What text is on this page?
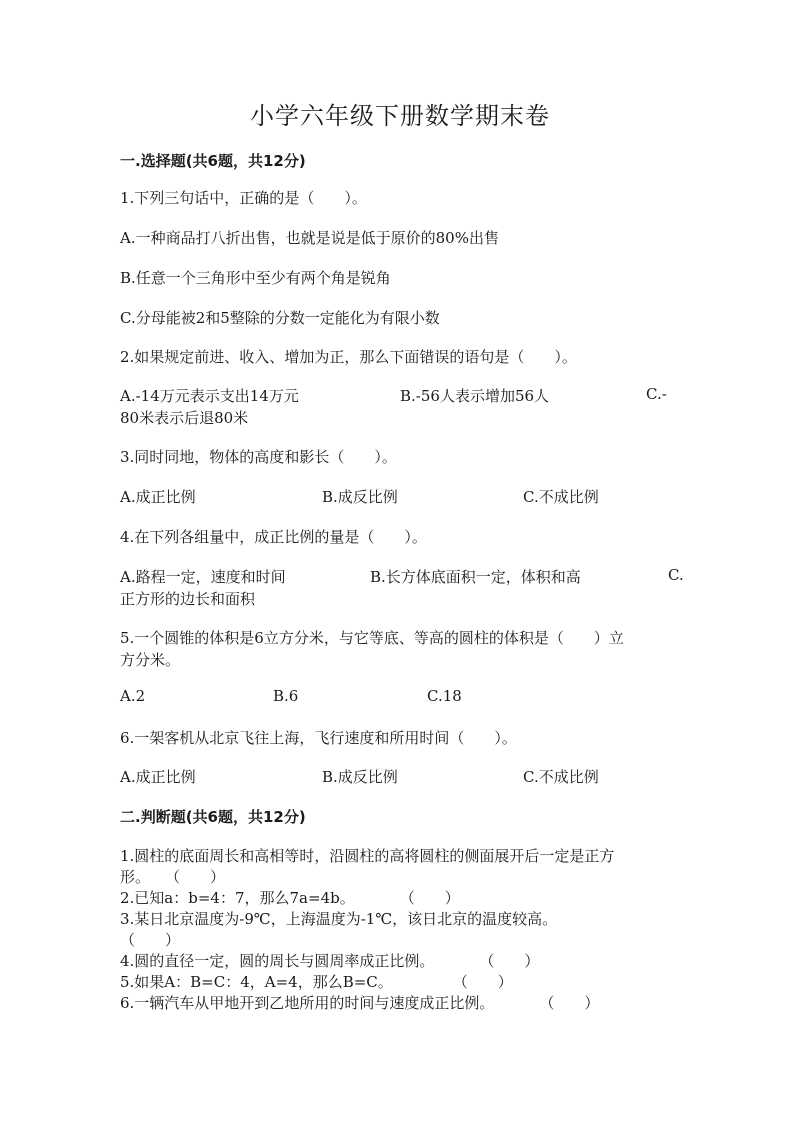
小学六年级下册数学期末卷
一.选择题(共6题，共12分)
1.下列三句话中，正确的是（　　）。
A.一种商品打八折出售，也就是说是低于原价的80%出售
B.任意一个三角形中至少有两个角是锐角
C.分母能被2和5整除的分数一定能化为有限小数
2.如果规定前进、收入、增加为正，那么下面错误的语句是（　　）。
A.-14万元表示支出14万元	B.-56人表示增加56人	C.-
80米表示后退80米
3.同时同地，物体的高度和影长（　　）。
A.成正比例	B.成反比例	C.不成比例
4.在下列各组量中，成正比例的量是（　　）。
A.路程一定，速度和时间	B.长方体底面积一定，体积和高	C.
正方形的边长和面积
5.一个圆锥的体积是6立方分米，与它等底、等高的圆柱的体积是（　　）立
方分米。
A.2	B.6	C.18
6.一架客机从北京飞往上海，飞行速度和所用时间（　　）。
A.成正比例	B.成反比例	C.不成比例
二.判断题(共6题，共12分)
1.圆柱的底面周长和高相等时，沿圆柱的高将圆柱的侧面展开后一定是正方
形。　　（　　）
2.已知a：b=4：7，那么7a=4b。　　　　（　　）
3.某日北京温度为-9℃，上海温度为-1℃，该日北京的温度较高。
（　　）
4.圆的直径一定，圆的周长与圆周率成正比例。　　　　（　　）
5.如果A：B=C：4，A=4，那么B=C。　　　　　（　　）
6.一辆汽车从甲地开到乙地所用的时间与速度成正比例。　　　　（　　）
